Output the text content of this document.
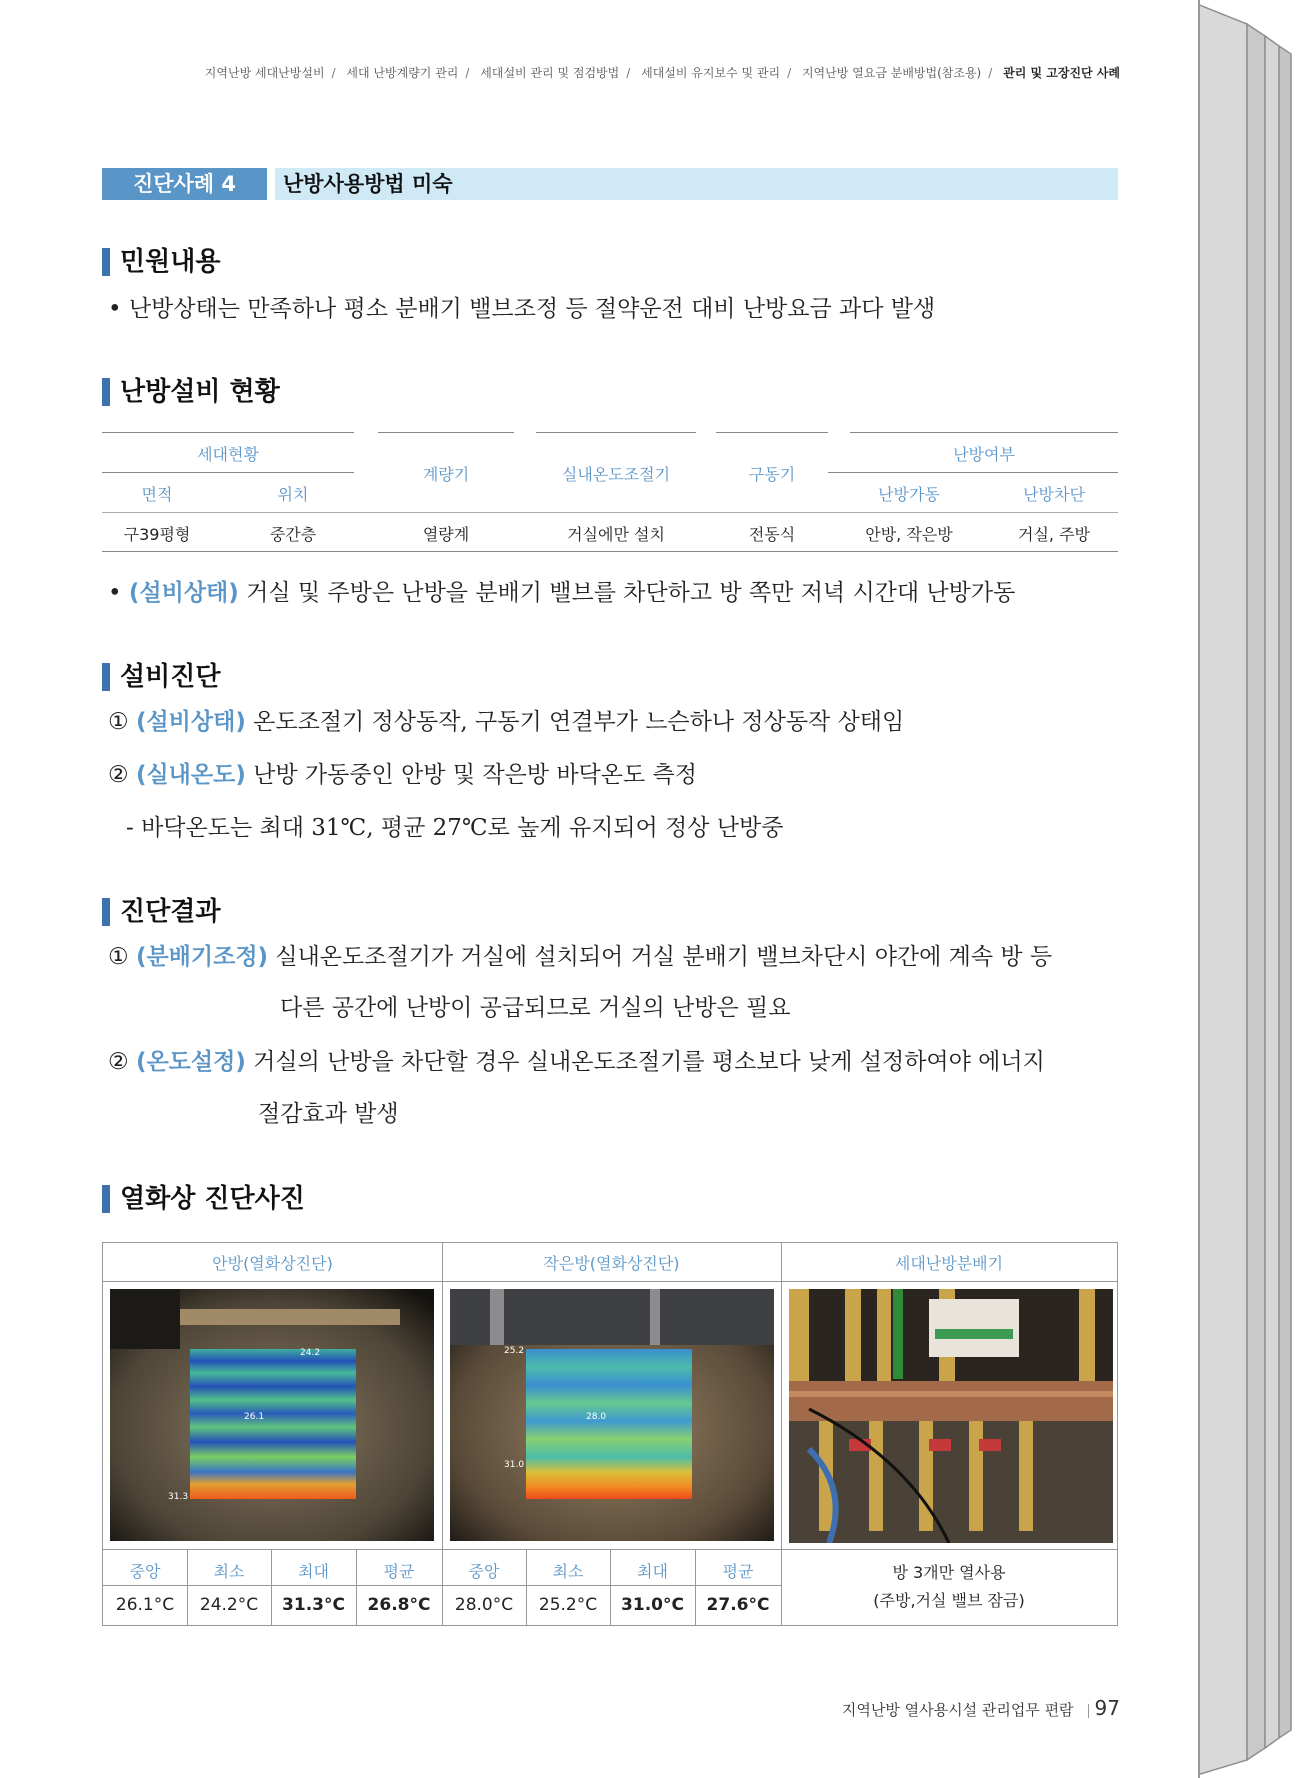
지역난방 세대난방설비 / 세대 난방계량기 관리 / 세대설비 관리 및 점검방법 / 세대설비 유지보수 및 관리 / 지역난방 열요금 분배방법(참조용) / 관리 및 고장진단 사례
진단사례 4	난방사용방법 미숙
민원내용
• 난방상태는 만족하나 평소 분배기 밸브조정 등 절약운전 대비 난방요금 과다 발생
난방설비 현황
세대현황
면적	위치
계량기	실내온도조절기	구동기
난방여부
난방가동	난방차단
구39평형	중간층	열량계	거실에만 설치	전동식	안방, 작은방	거실, 주방
• (설비상태) 거실 및 주방은 난방을 분배기 밸브를 차단하고 방 쪽만 저녁 시간대 난방가동
설비진단
① (설비상태) 온도조절기 정상동작, 구동기 연결부가 느슨하나 정상동작 상태임
② (실내온도) 난방 가동중인 안방 및 작은방 바닥온도 측정
- 바닥온도는 최대 31℃, 평균 27℃로 높게 유지되어 정상 난방중
진단결과
① (분배기조정) 실내온도조절기가 거실에 설치되어 거실 분배기 밸브차단시 야간에 계속 방 등
다른 공간에 난방이 공급되므로 거실의 난방은 필요
② (온도설정) 거실의 난방을 차단할 경우 실내온도조절기를 평소보다 낮게 설정하여야 에너지
절감효과 발생
열화상 진단사진
안방(열화상진단)	작은방(열화상진단)	세대난방분배기
24.2
26.1
31.3
25.2
28.0
31.0
중앙	최소	최대	평균	중앙	최소	최대	평균
26.1°C	24.2°C	31.3°C	26.8°C	28.0°C	25.2°C	31.0°C	27.6°C
방 3개만 열사용
(주방,거실 밸브 잠금)
지역난방 열사용시설 관리업무 편람 97
